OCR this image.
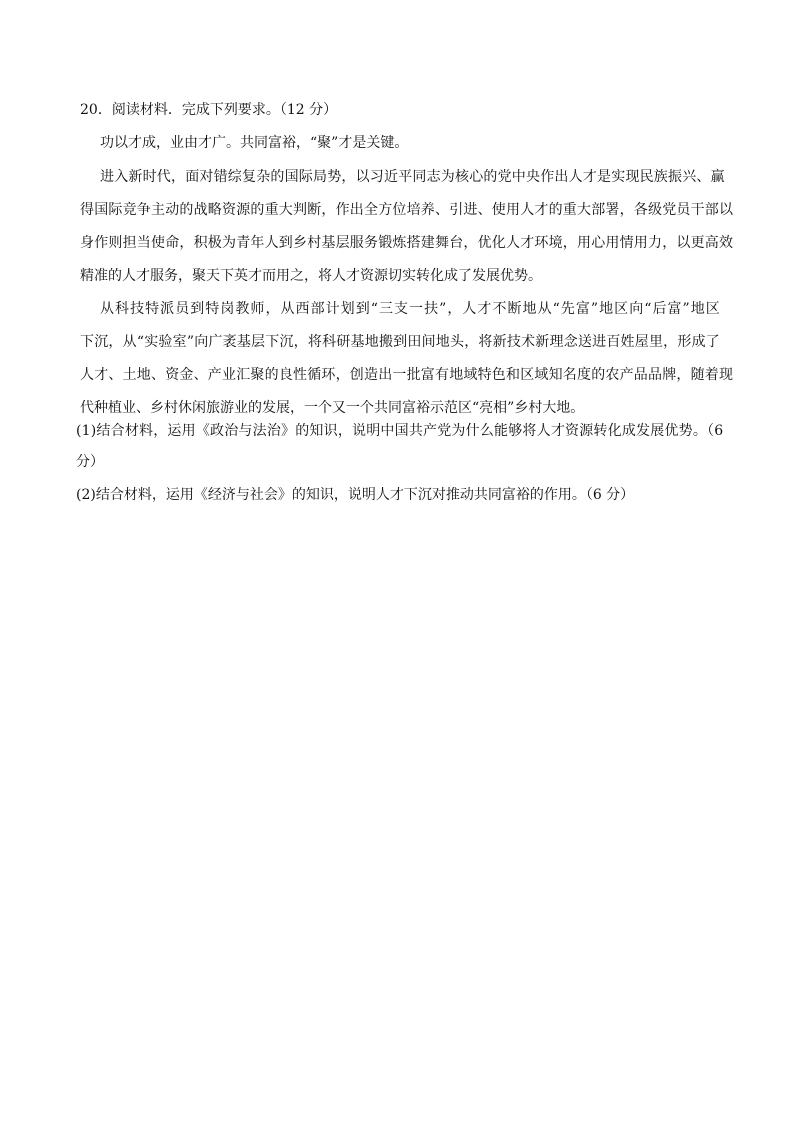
20．阅读材料．完成下列要求。（12 分）
功以才成，业由才广。共同富裕，“聚”才是关键。
进入新时代，面对错综复杂的国际局势，以习近平同志为核心的党中央作出人才是实现民族振兴、赢
得国际竞争主动的战略资源的重大判断，作出全方位培养、引进、使用人才的重大部署，各级党员干部以
身作则担当使命，积极为青年人到乡村基层服务锻炼搭建舞台，优化人才环境，用心用情用力，以更高效
精准的人才服务，聚天下英才而用之，将人才资源切实转化成了发展优势。
从科技特派员到特岗教师，从西部计划到“三支一扶”，人才不断地从“先富”地区向“后富”地区
下沉，从“实验室”向广袤基层下沉，将科研基地搬到田间地头，将新技术新理念送进百姓屋里，形成了
人才、土地、资金、产业汇聚的良性循环，创造出一批富有地域特色和区域知名度的农产品品牌，随着现
代种植业、乡村休闲旅游业的发展，一个又一个共同富裕示范区“亮相”乡村大地。
(1)结合材料，运用《政治与法治》的知识，说明中国共产党为什么能够将人才资源转化成发展优势。（6
分）
(2)结合材料，运用《经济与社会》的知识，说明人才下沉对推动共同富裕的作用。（6 分）
